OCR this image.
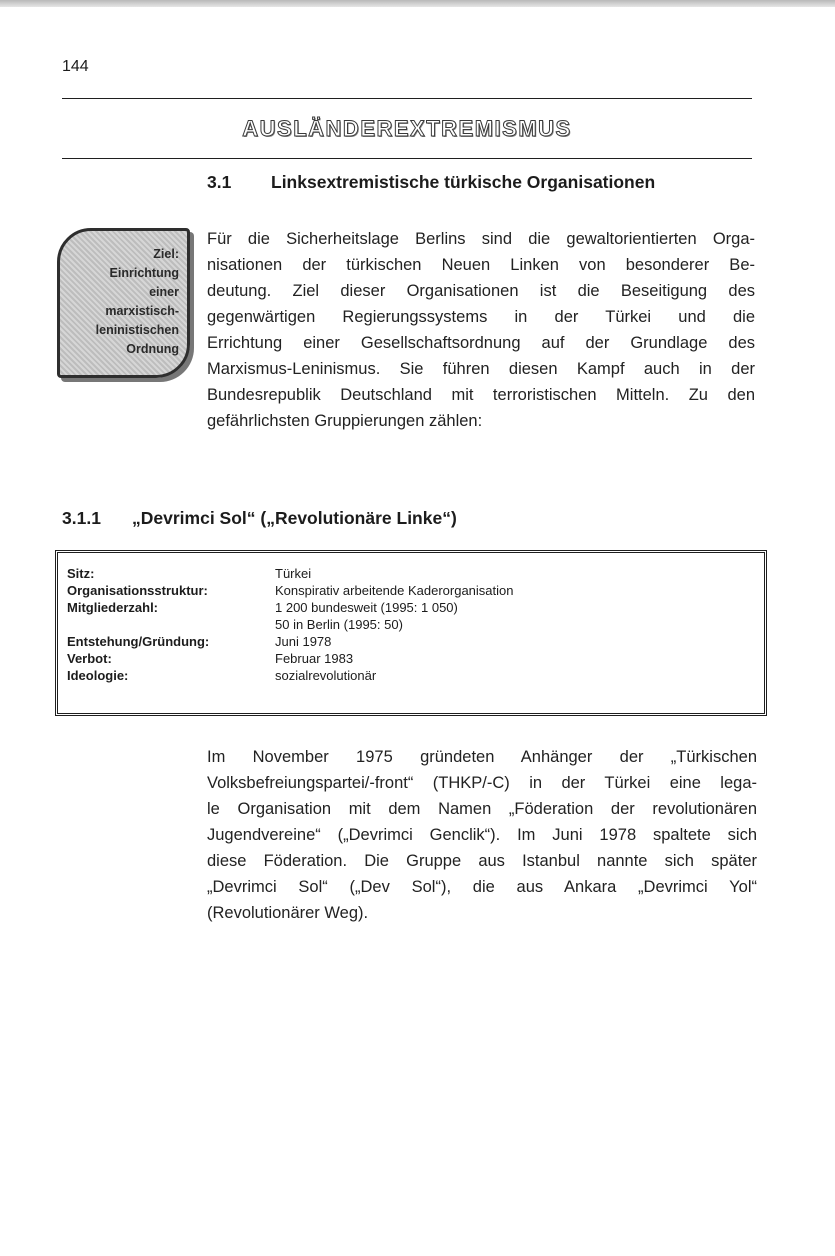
144
AUSLÄNDEREXTREMISMUS
3.1 Linksextremistische türkische Organisationen
Ziel:
Einrichtung
einer
marxistisch-
leninistischen
Ordnung
Für die Sicherheitslage Berlins sind die gewaltorientierten Orga-
nisationen der türkischen Neuen Linken von besonderer Be-
deutung. Ziel dieser Organisationen ist die Beseitigung des
gegenwärtigen Regierungssystems in der Türkei und die
Errichtung einer Gesellschaftsordnung auf der Grundlage des
Marxismus-Leninismus. Sie führen diesen Kampf auch in der
Bundesrepublik Deutschland mit terroristischen Mitteln. Zu den
gefährlichsten Gruppierungen zählen:
3.1.1 „Devrimci Sol“ („Revolutionäre Linke“)
Sitz:	Türkei
Organisationsstruktur:	Konspirativ arbeitende Kaderorganisation
Mitgliederzahl:	1 200 bundesweit (1995: 1 050)
50 in Berlin (1995: 50)
Entstehung/Gründung:	Juni 1978
Verbot:	Februar 1983
Ideologie:	sozialrevolutionär
Im November 1975 gründeten Anhänger der „Türkischen
Volksbefreiungspartei/-front“ (THKP/-C) in der Türkei eine lega-
le Organisation mit dem Namen „Föderation der revolutionären
Jugendvereine“ („Devrimci Genclik“). Im Juni 1978 spaltete sich
diese Föderation. Die Gruppe aus Istanbul nannte sich später
„Devrimci Sol“ („Dev Sol“), die aus Ankara „Devrimci Yol“
(Revolutionärer Weg).
